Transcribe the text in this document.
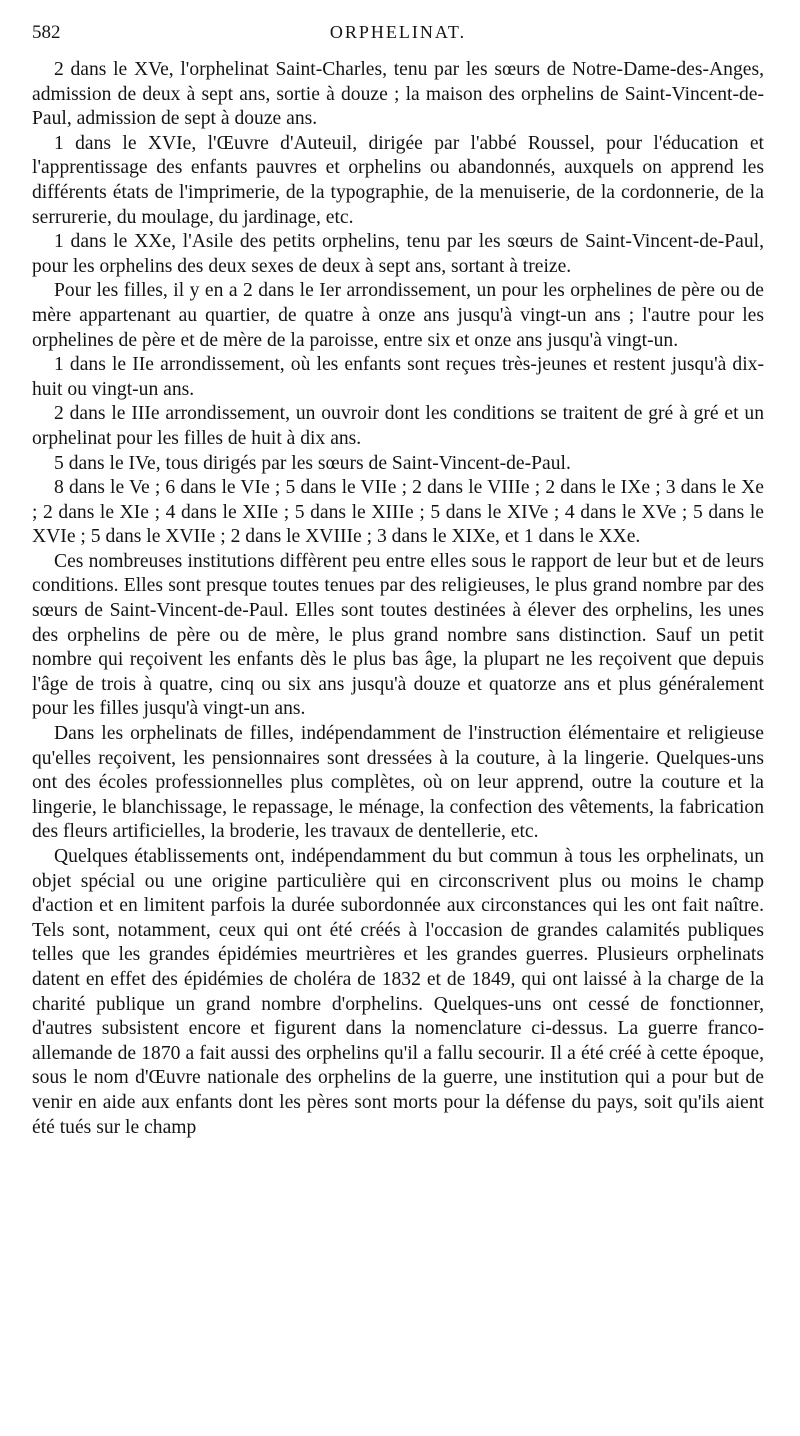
582	ORPHELINAT.

2 dans le XVe, l'orphelinat Saint-Charles, tenu par les sœurs de Notre-Dame-des-Anges, admission de deux à sept ans, sortie à douze ; la maison des orphelins de Saint-Vincent-de-Paul, admission de sept à douze ans.

1 dans le XVIe, l'Œuvre d'Auteuil, dirigée par l'abbé Roussel, pour l'éducation et l'apprentissage des enfants pauvres et orphelins ou abandonnés, auxquels on apprend les différents états de l'imprimerie, de la typographie, de la menuiserie, de la cordonnerie, de la serrurerie, du moulage, du jardinage, etc.

1 dans le XXe, l'Asile des petits orphelins, tenu par les sœurs de Saint-Vincent-de-Paul, pour les orphelins des deux sexes de deux à sept ans, sortant à treize.

Pour les filles, il y en a 2 dans le Ier arrondissement, un pour les orphelines de père ou de mère appartenant au quartier, de quatre à onze ans jusqu'à vingt-un ans ; l'autre pour les orphelines de père et de mère de la paroisse, entre six et onze ans jusqu'à vingt-un.

1 dans le IIe arrondissement, où les enfants sont reçues très-jeunes et restent jusqu'à dix-huit ou vingt-un ans.

2 dans le IIIe arrondissement, un ouvroir dont les conditions se traitent de gré à gré et un orphelinat pour les filles de huit à dix ans.

5 dans le IVe, tous dirigés par les sœurs de Saint-Vincent-de-Paul.

8 dans le Ve ; 6 dans le VIe ; 5 dans le VIIe ; 2 dans le VIIIe ; 2 dans le IXe ; 3 dans le Xe ; 2 dans le XIe ; 4 dans le XIIe ; 5 dans le XIIIe ; 5 dans le XIVe ; 4 dans le XVe ; 5 dans le XVIe ; 5 dans le XVIIe ; 2 dans le XVIIIe ; 3 dans le XIXe, et 1 dans le XXe.

Ces nombreuses institutions diffèrent peu entre elles sous le rapport de leur but et de leurs conditions. Elles sont presque toutes tenues par des religieuses, le plus grand nombre par des sœurs de Saint-Vincent-de-Paul. Elles sont toutes destinées à élever des orphelins, les unes des orphelins de père ou de mère, le plus grand nombre sans distinction. Sauf un petit nombre qui reçoivent les enfants dès le plus bas âge, la plupart ne les reçoivent que depuis l'âge de trois à quatre, cinq ou six ans jusqu'à douze et quatorze ans et plus généralement pour les filles jusqu'à vingt-un ans.

Dans les orphelinats de filles, indépendamment de l'instruction élémentaire et religieuse qu'elles reçoivent, les pensionnaires sont dressées à la couture, à la lingerie. Quelques-uns ont des écoles professionnelles plus complètes, où on leur apprend, outre la couture et la lingerie, le blanchissage, le repassage, le ménage, la confection des vêtements, la fabrication des fleurs artificielles, la broderie, les travaux de dentellerie, etc.

Quelques établissements ont, indépendamment du but commun à tous les orphelinats, un objet spécial ou une origine particulière qui en circonscrivent plus ou moins le champ d'action et en limitent parfois la durée subordonnée aux circonstances qui les ont fait naître. Tels sont, notamment, ceux qui ont été créés à l'occasion de grandes calamités publiques telles que les grandes épidémies meurtrières et les grandes guerres. Plusieurs orphelinats datent en effet des épidémies de choléra de 1832 et de 1849, qui ont laissé à la charge de la charité publique un grand nombre d'orphelins. Quelques-uns ont cessé de fonctionner, d'autres subsistent encore et figurent dans la nomenclature ci-dessus. La guerre franco-allemande de 1870 a fait aussi des orphelins qu'il a fallu secourir. Il a été créé à cette époque, sous le nom d'Œuvre nationale des orphelins de la guerre, une institution qui a pour but de venir en aide aux enfants dont les pères sont morts pour la défense du pays, soit qu'ils aient été tués sur le champ
